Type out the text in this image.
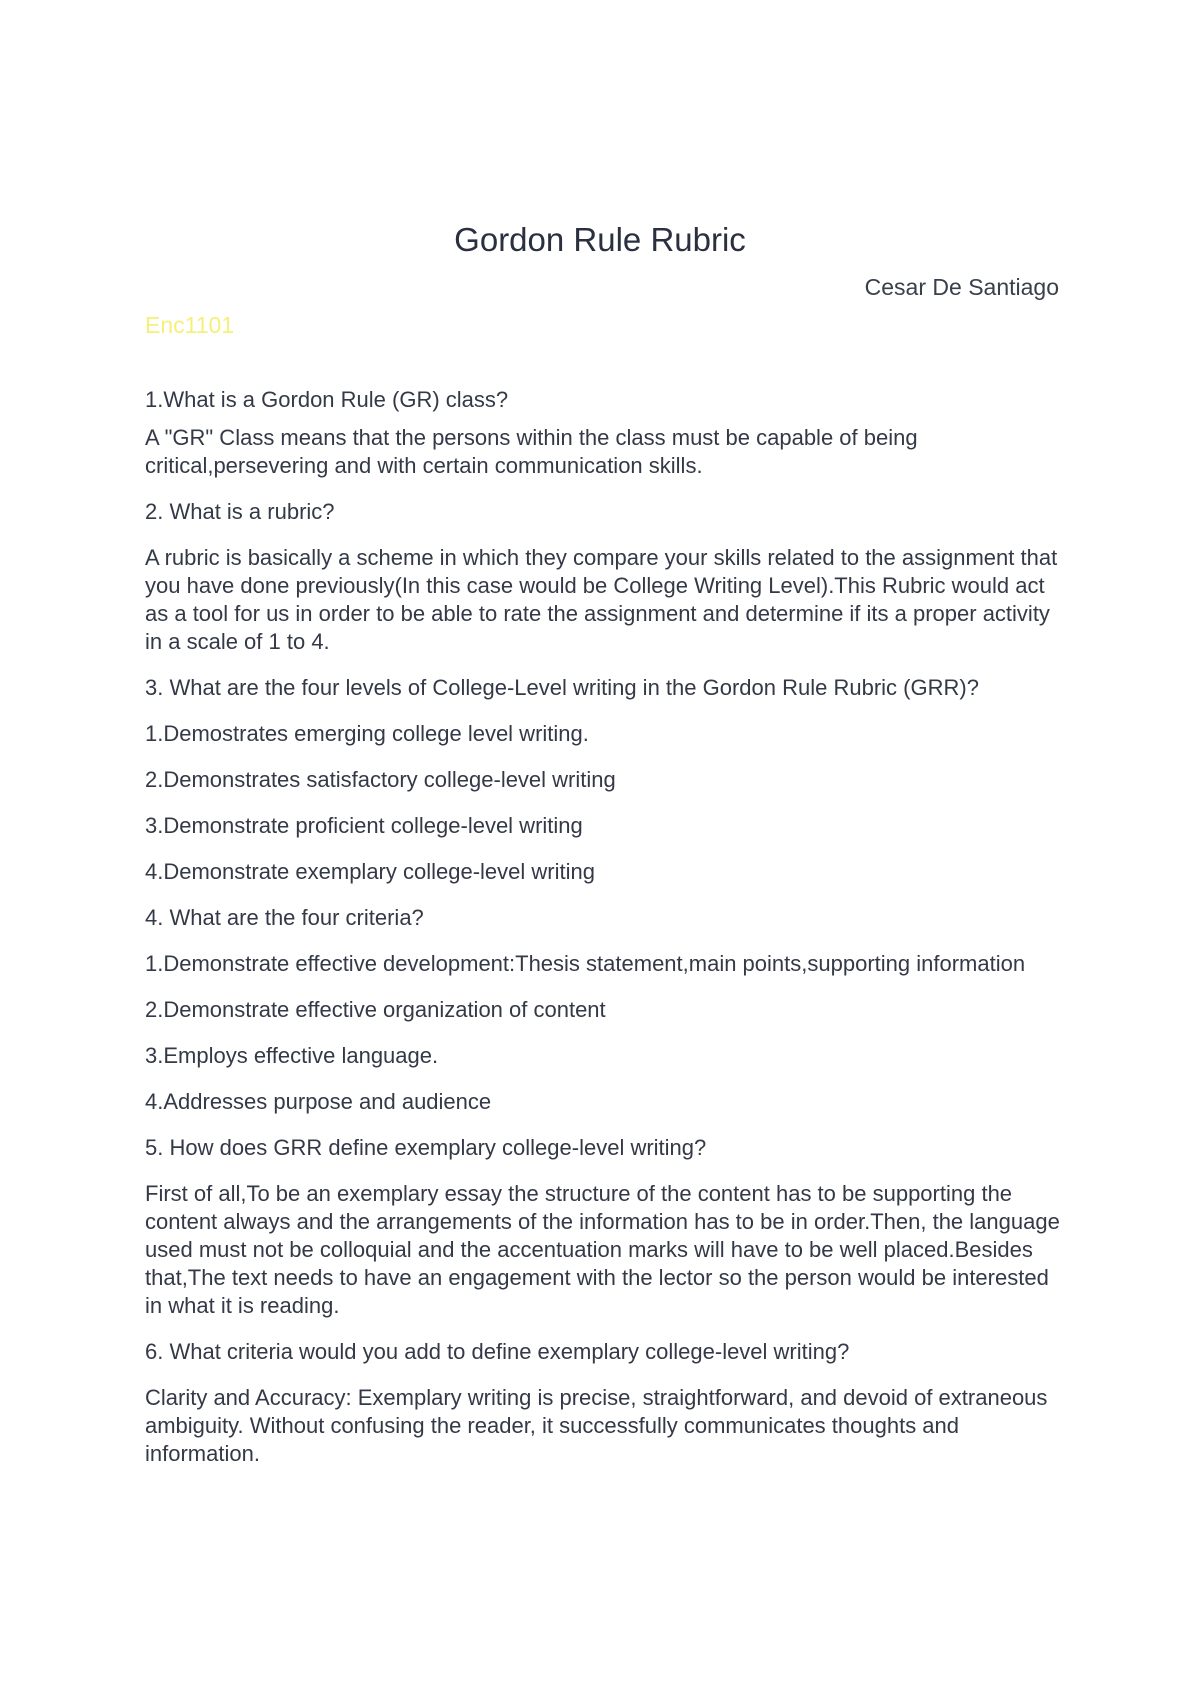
Gordon Rule Rubric

Cesar De Santiago

Enc1101

1.What is a Gordon Rule (GR) class?

A "GR" Class means that the persons within the class must be capable of being critical,persevering and with certain communication skills.

2. What is a rubric?

A rubric is basically a scheme in which they compare your skills related to the assignment that you have done previously(In this case would be College Writing Level).This Rubric would act as a tool for us in order to be able to rate the assignment and determine if its a proper activity in a scale of 1 to 4.

3. What are the four levels of College-Level writing in the Gordon Rule Rubric (GRR)?

1.Demostrates emerging college level writing.

2.Demonstrates satisfactory college-level writing

3.Demonstrate proficient college-level writing

4.Demonstrate exemplary college-level writing

4. What are the four criteria?

1.Demonstrate effective development:Thesis statement,main points,supporting information

2.Demonstrate effective organization of content

3.Employs effective language.

4.Addresses purpose and audience

5. How does GRR define exemplary college-level writing?

First of all,To be an exemplary essay the structure of the content has to be supporting the content always and the arrangements of the information has to be in order.Then, the language used must not be colloquial and the accentuation marks will have to be well placed.Besides that,The text needs to have an engagement with the lector so the person would be interested in what it is reading.

6. What criteria would you add to define exemplary college-level writing?

Clarity and Accuracy: Exemplary writing is precise, straightforward, and devoid of extraneous ambiguity. Without confusing the reader, it successfully communicates thoughts and information.
